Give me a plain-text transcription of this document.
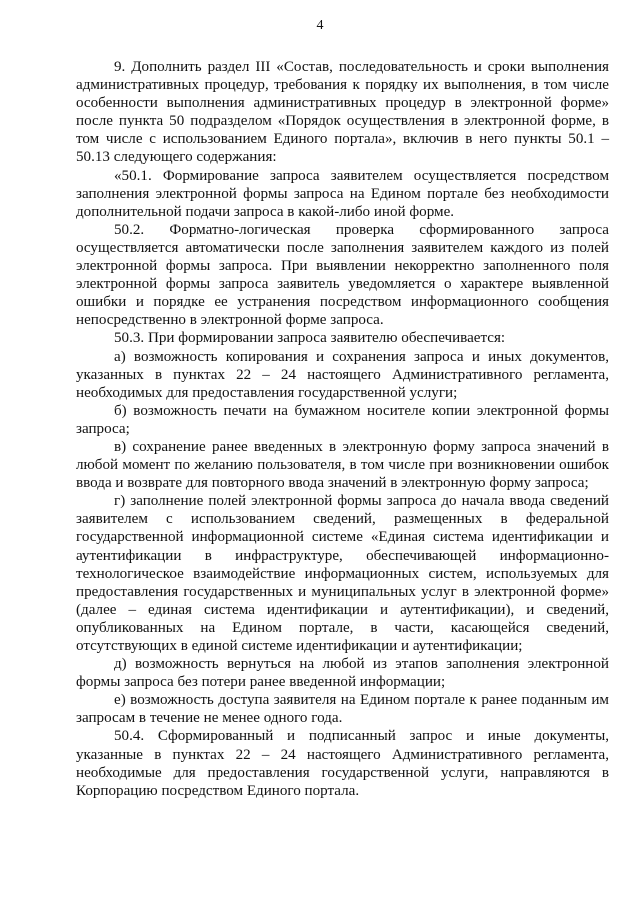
4

9. Дополнить раздел III «Состав, последовательность и сроки выполнения административных процедур, требования к порядку их выполнения, в том числе особенности выполнения административных процедур в электронной форме» после пункта 50 подразделом «Порядок осуществления в электронной форме, в том числе с использованием Единого портала», включив в него пункты 50.1 – 50.13 следующего содержания:

«50.1. Формирование запроса заявителем осуществляется посредством заполнения электронной формы запроса на Едином портале без необходимости дополнительной подачи запроса в какой-либо иной форме.

50.2. Форматно-логическая проверка сформированного запроса осуществляется автоматически после заполнения заявителем каждого из полей электронной формы запроса. При выявлении некорректно заполненного поля электронной формы запроса заявитель уведомляется о характере выявленной ошибки и порядке ее устранения посредством информационного сообщения непосредственно в электронной форме запроса.

50.3. При формировании запроса заявителю обеспечивается:

а) возможность копирования и сохранения запроса и иных документов, указанных в пунктах 22 – 24 настоящего Административного регламента, необходимых для предоставления государственной услуги;

б) возможность печати на бумажном носителе копии электронной формы запроса;

в) сохранение ранее введенных в электронную форму запроса значений в любой момент по желанию пользователя, в том числе при возникновении ошибок ввода и возврате для повторного ввода значений в электронную форму запроса;

г) заполнение полей электронной формы запроса до начала ввода сведений заявителем с использованием сведений, размещенных в федеральной государственной информационной системе «Единая система идентификации и аутентификации в инфраструктуре, обеспечивающей информационно-технологическое взаимодействие информационных систем, используемых для предоставления государственных и муниципальных услуг в электронной форме» (далее – единая система идентификации и аутентификации), и сведений, опубликованных на Едином портале, в части, касающейся сведений, отсутствующих в единой системе идентификации и аутентификации;

д) возможность вернуться на любой из этапов заполнения электронной формы запроса без потери ранее введенной информации;

е) возможность доступа заявителя на Едином портале к ранее поданным им запросам в течение не менее одного года.

50.4. Сформированный и подписанный запрос и иные документы, указанные в пунктах 22 – 24 настоящего Административного регламента, необходимые для предоставления государственной услуги, направляются в Корпорацию посредством Единого портала.
